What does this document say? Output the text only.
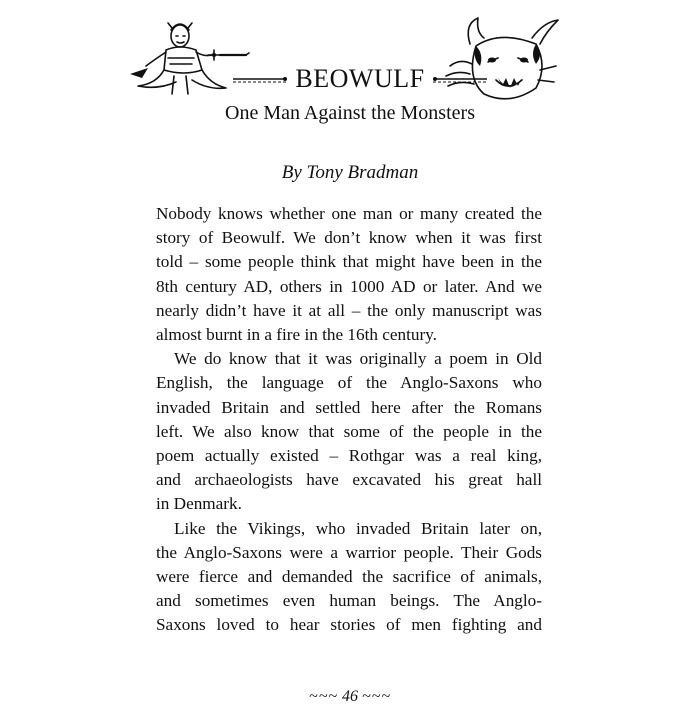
BEOWULF
One Man Against the Monsters
By Tony Bradman

Nobody knows whether one man or many created the
story of Beowulf. We don’t know when it was first
told – some people think that might have been in the
8th century AD, others in 1000 AD or later. And we
nearly didn’t have it at all – the only manuscript was
almost burnt in a fire in the 16th century.

We do know that it was originally a poem in Old
English, the language of the Anglo-Saxons who
invaded Britain and settled here after the Romans
left. We also know that some of the people in the
poem actually existed – Rothgar was a real king,
and archaeologists have excavated his great hall
in Denmark.

Like the Vikings, who invaded Britain later on,
the Anglo-Saxons were a warrior people. Their Gods
were fierce and demanded the sacrifice of animals,
and sometimes even human beings. The Anglo-
Saxons loved to hear stories of men fighting and

~~~ 46 ~~~
